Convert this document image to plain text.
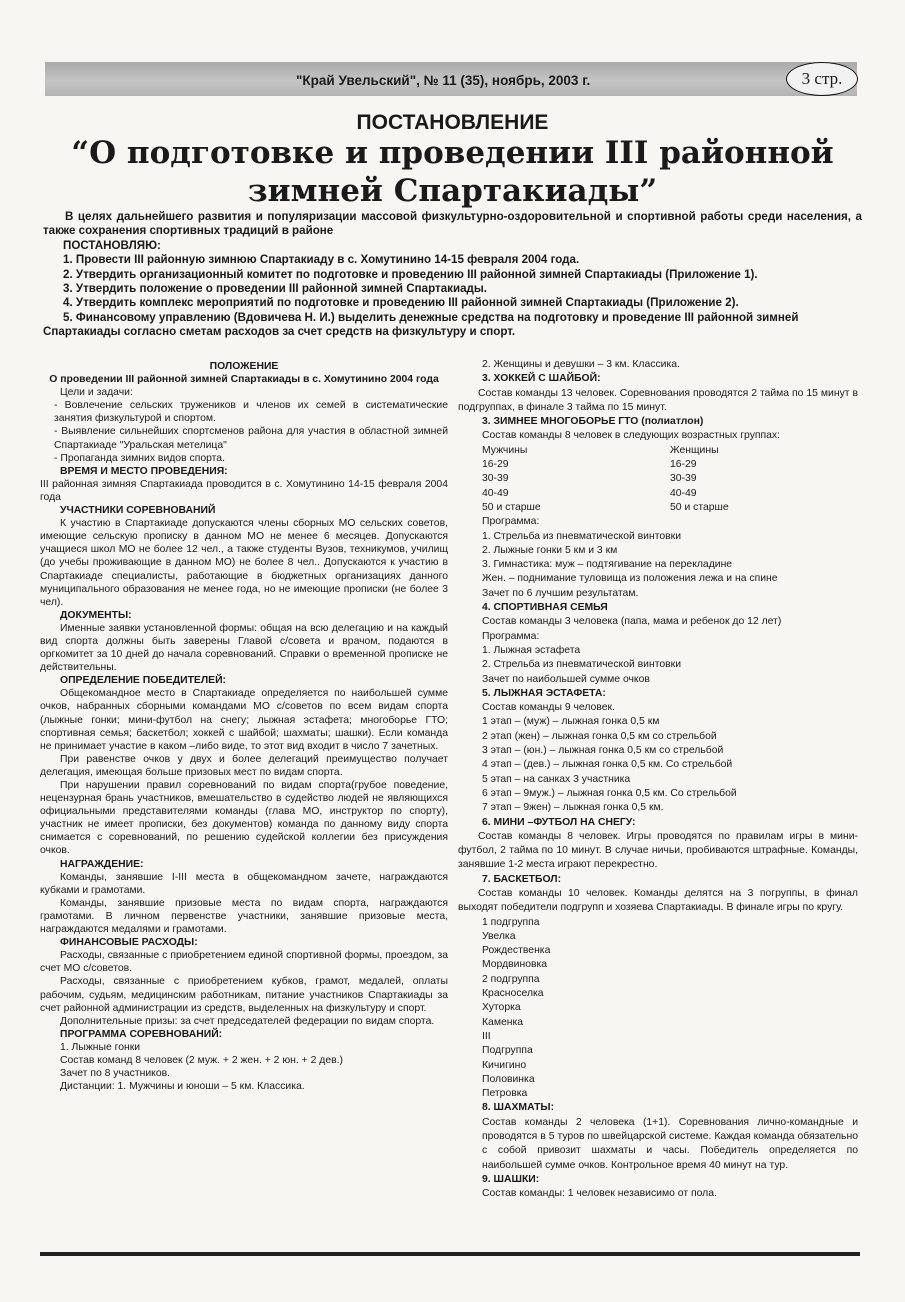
"Край Увельский", № 11 (35), ноябрь, 2003 г.	3 стр.
ПОСТАНОВЛЕНИЕ
“О подготовке и проведении III районной
зимней Спартакиады”

В целях дальнейшего развития и популяризации массовой физкультурно-оздоровительной и спортивной работы среди населения, а также сохранения спортивных традиций в районе

ПОСТАНОВЛЯЮ:

1. Провести III районную зимнюю Спартакиаду в с. Хомутинино 14-15 февраля 2004 года.

2. Утвердить организационный комитет по подготовке и проведению III районной зимней Спартакиады (Приложение 1).

3. Утвердить положение о проведении III районной зимней Спартакиады.

4. Утвердить комплекс мероприятий по подготовке и проведению III районной зимней Спартакиады (Приложение 2).

5. Финансовому управлению (Вдовичева Н. И.) выделить денежные средства на подготовку и проведение III районной зимней Спартакиады согласно сметам расходов за счет средств на физкультуру и спорт.

ПОЛОЖЕНИЕ

О проведении III районной зимней Спартакиады в с. Хомутинино 2004 года

Цели и задачи:

- Вовлечение сельских тружеников и членов их семей в систематические занятия физкультурой и спортом.

- Выявление сильнейших спортсменов района для участия в областной зимней Спартакиаде "Уральская метелица"

- Пропаганда зимних видов спорта.

ВРЕМЯ И МЕСТО ПРОВЕДЕНИЯ:

III районная зимняя Спартакиада проводится в с. Хомутинино 14-15 февраля 2004 года

УЧАСТНИКИ СОРЕВНОВАНИЙ

К участию в Спартакиаде допускаются члены сборных МО сельских советов, имеющие сельскую прописку в данном МО не менее 6 месяцев. Допускаются учащиеся школ МО не более 12 чел., а также студенты Вузов, техникумов, училищ (до учебы проживающие в данном МО) не более 8 чел.. Допускаются к участию в Спартакиаде специалисты, работающие в бюджетных организациях данного муниципального образования не менее года, но не имеющие прописки (не более 3 чел).

ДОКУМЕНТЫ:

Именные заявки установленной формы: общая на всю делегацию и на каждый вид спорта должны быть заверены Главой с/совета и врачом, подаются в оргкомитет за 10 дней до начала соревнований. Справки о временной прописке не действительны.

ОПРЕДЕЛЕНИЕ ПОБЕДИТЕЛЕЙ:

Общекомандное место в Спартакиаде определяется по наибольшей сумме очков, набранных сборными командами МО с/советов по всем видам спорта (лыжные гонки; мини-футбол на снегу; лыжная эстафета; многоборье ГТО; спортивная семья; баскетбол; хоккей с шайбой; шахматы; шашки). Если команда не принимает участие в каком –либо виде, то этот вид входит в число 7 зачетных.

При равенстве очков у двух и более делегаций преимущество получает делегация, имеющая больше призовых мест по видам спорта.

При нарушении правил соревнований по видам спорта(грубое поведение, нецензурная брань участников, вмешательство в судейство людей не являющихся официальными представителями команды (глава МО, инструктор по спорту), участник не имеет прописки, без документов) команда по данному виду спорта снимается с соревнований, по решению судейской коллегии без присуждения очков.

НАГРАЖДЕНИЕ:

Команды, занявшие I-III места в общекомандном зачете, награждаются кубками и грамотами.

Команды, занявшие призовые места по видам спорта, награждаются грамотами. В личном первенстве участники, занявшие призовые места, награждаются медалями и грамотами.

ФИНАНСОВЫЕ РАСХОДЫ:

Расходы, связанные с приобретением единой спортивной формы, проездом, за счет МО с/советов.

Расходы, связанные с приобретением кубков, грамот, медалей, оплаты рабочим, судьям, медицинским работникам, питание участников Спартакиады за счет районной администрации из средств, выделенных на физкультуру и спорт.

Дополнительные призы: за счет председателей федерации по видам спорта.

ПРОГРАММА СОРЕВНОВАНИЙ:

1. Лыжные гонки

Состав команд 8 человек (2 муж. + 2 жен. + 2 юн. + 2 дев.)

Зачет по 8 участников.

Дистанции: 1. Мужчины и юноши – 5 км. Классика.

2. Женщины и девушки – 3 км. Классика.

3. ХОККЕЙ С ШАЙБОЙ:

Состав команды 13 человек. Соревнования проводятся 2 тайма по 15 минут в подгруппах, в финале 3 тайма по 15 минут.

3. ЗИМНЕЕ МНОГОБОРЬЕ ГТО (полиатлон)

Состав команды 8 человек в следующих возрастных группах:

Мужчины	Женщины
16-29	16-29
30-39	30-39
40-49	40-49
50 и старше	50 и старше

Программа:

1. Стрельба из пневматической винтовки

2. Лыжные гонки 5 км и 3 км

3. Гимнастика: муж – подтягивание на перекладине

Жен. – поднимание туловища из положения лежа и на спине

Зачет по 6 лучшим результатам.

4. СПОРТИВНАЯ СЕМЬЯ

Состав команды 3 человека (папа, мама и ребенок до 12 лет)

Программа:

1. Лыжная эстафета

2. Стрельба из пневматической винтовки

Зачет по наибольшей сумме очков

5. ЛЫЖНАЯ ЭСТАФЕТА:

Состав команды 9 человек.

1 этап – (муж) – лыжная гонка 0,5 км

2 этап (жен) – лыжная гонка 0,5 км со стрельбой

3 этап – (юн.) – лыжная гонка 0,5 км со стрельбой

4 этап – (дев.) – лыжная гонка 0,5 км. Со стрельбой

5 этап – на санках 3 участника

6 этап – 9муж.) – лыжная гонка 0,5 км. Со стрельбой

7 этап – 9жен) – лыжная гонка 0,5 км.

6. МИНИ –ФУТБОЛ НА СНЕГУ:

Состав команды 8 человек. Игры проводятся по правилам игры в мини-футбол, 2 тайма по 10 минут. В случае ничьи, пробиваются штрафные. Команды, занявшие 1-2 места играют перекрестно.

7. БАСКЕТБОЛ:

Состав команды 10 человек. Команды делятся на 3 погруппы, в финал выходят победители подгрупп и хозяева Спартакиады. В финале игры по кругу.

1 подгруппа

Увелка

Рождественка

Мордвиновка

2 подгруппа

Красноселка

Хуторка

Каменка

III

Подгруппа

Кичигино

Половинка

Петровка

8. ШАХМАТЫ:

Состав команды 2 человека (1+1). Соревнования лично-командные и проводятся в 5 туров по швейцарской системе. Каждая команда обязательно с собой привозит шахматы и часы. Победитель определяется по наибольшей сумме очков. Контрольное время 40 минут на тур.

9. ШАШКИ:

Состав команды: 1 человек независимо от пола.
